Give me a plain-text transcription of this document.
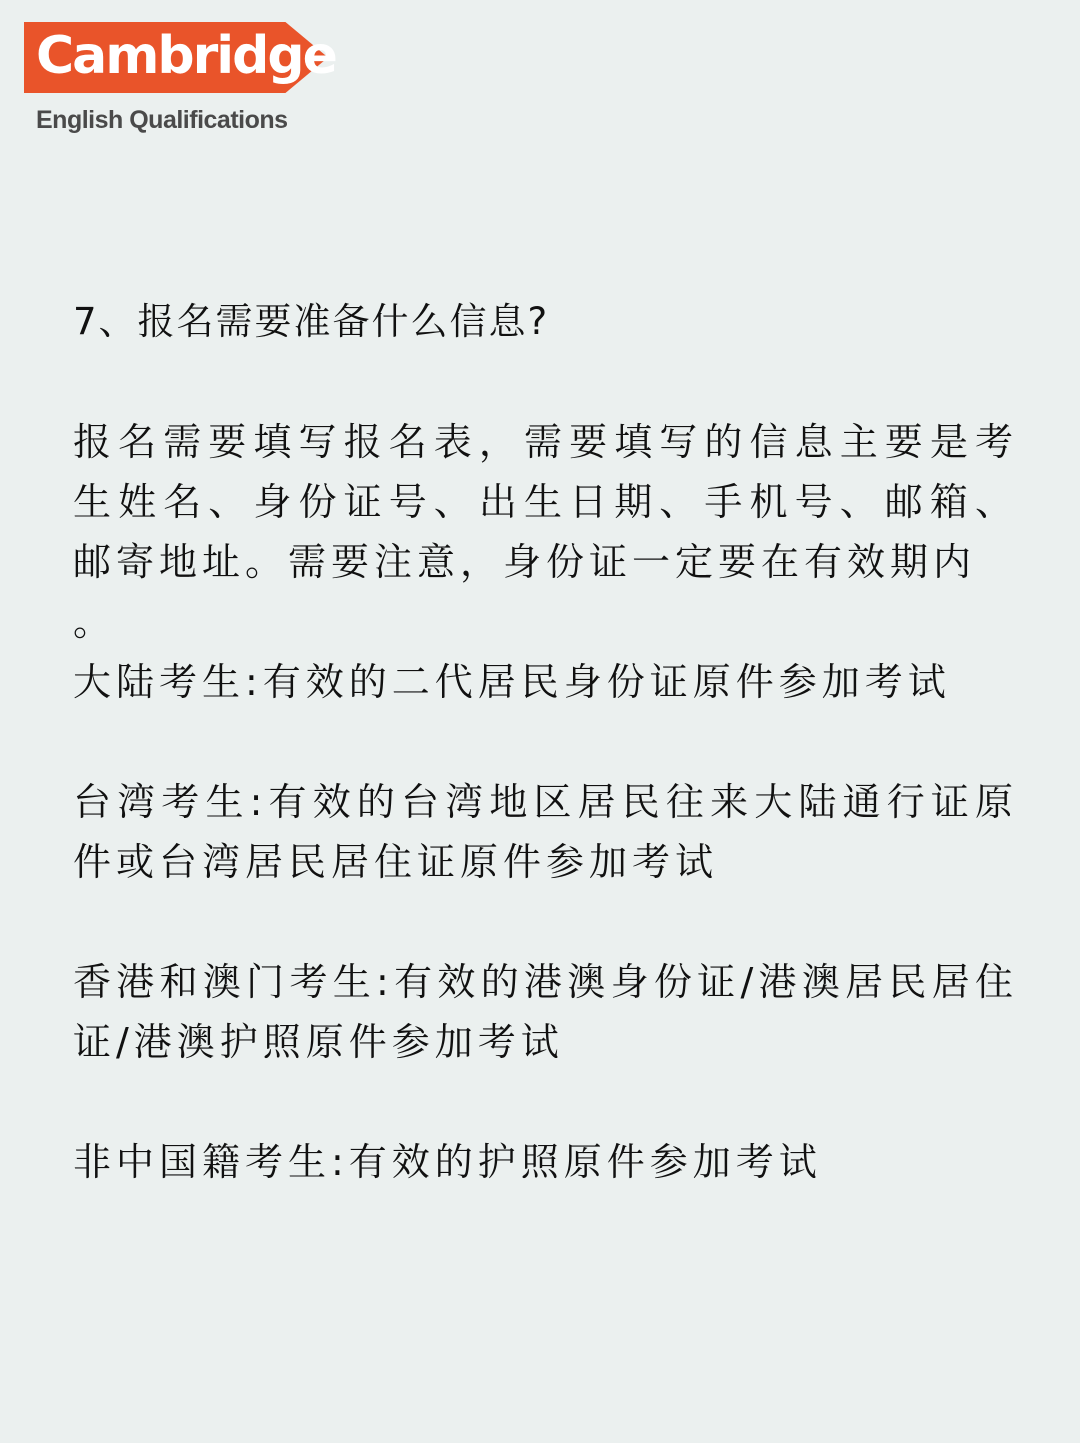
Cambridge
English Qualifications
7、报名需要准备什么信息?

报名需要填写报名表，需要填写的信息主要是考生姓名、身份证号、出生日期、手机号、邮箱、邮寄地址。需要注意，身份证一定要在有效期内

。

大陆考生:有效的二代居民身份证原件参加考试

台湾考生:有效的台湾地区居民往来大陆通行证原件或台湾居民居住证原件参加考试

香港和澳门考生:有效的港澳身份证/港澳居民居住证/港澳护照原件参加考试

非中国籍考生:有效的护照原件参加考试
